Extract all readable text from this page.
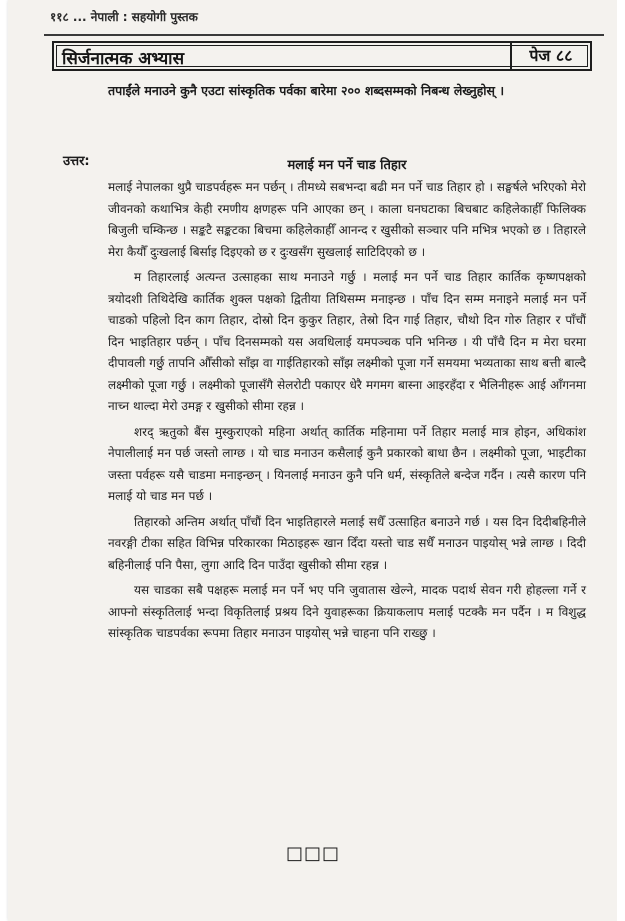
११८ ... नेपाली : सहयोगी पुस्तक
सिर्जनात्मक अभ्यास	पेज ८८
तपाईंले मनाउने कुनै एउटा सांस्कृतिक पर्वका बारेमा २०० शब्दसम्मको निबन्ध लेख्नुहोस् ।
उत्तर:	मलाई मन पर्ने चाड तिहार

मलाई नेपालका थुप्रै चाडपर्वहरू मन पर्छन् । तीमध्ये सबभन्दा बढी मन पर्ने चाड तिहार हो । सङ्घर्षले भरिएको मेरो जीवनको कथाभित्र केही रमणीय क्षणहरू पनि आएका छन् । काला घनघटाका बिचबाट कहिलेकाहीँ फिलिक्क बिजुली चम्किन्छ । सङ्कटै सङ्कटका बिचमा कहिलेकाहीँ आनन्द र खुसीको सञ्चार पनि मभित्र भएको छ । तिहारले मेरा कैयौँ दुःखलाई बिर्साइ दिइएको छ र दुःखसँग सुखलाई साटिदिएको छ ।

म तिहारलाई अत्यन्त उत्साहका साथ मनाउने गर्छु । मलाई मन पर्ने चाड तिहार कार्तिक कृष्णपक्षको त्रयोदशी तिथिदेखि कार्तिक शुक्ल पक्षको द्वितीया तिथिसम्म मनाइन्छ । पाँच दिन सम्म मनाइने मलाई मन पर्ने चाडको पहिलो दिन काग तिहार, दोस्रो दिन कुकुर तिहार, तेस्रो दिन गाई तिहार, चौथो दिन गोरु तिहार र पाँचौं दिन भाइतिहार पर्छन् । पाँच दिनसम्मको यस अवधिलाई यमपञ्चक पनि भनिन्छ । यी पाँचै दिन म मेरा घरमा दीपावली गर्छु तापनि औँसीको साँझ वा गाईतिहारको साँझ लक्ष्मीको पूजा गर्ने समयमा भव्यताका साथ बत्ती बाल्दै लक्ष्मीको पूजा गर्छु । लक्ष्मीको पूजासँगै सेलरोटी पकाएर धेरै मगमग बास्ना आइरहँदा र भैलिनीहरू आई आँगनमा नाच्न थाल्दा मेरो उमङ्ग र खुसीको सीमा रहन्न ।

शरद् ऋतुको बैंस मुस्कुराएको महिना अर्थात् कार्तिक महिनामा पर्ने तिहार मलाई मात्र होइन, अधिकांश नेपालीलाई मन पर्छ जस्तो लाग्छ । यो चाड मनाउन कसैलाई कुनै प्रकारको बाधा छैन । लक्ष्मीको पूजा, भाइटीका जस्ता पर्वहरू यसै चाडमा मनाइन्छन् । यिनलाई मनाउन कुनै पनि धर्म, संस्कृतिले बन्देज गर्दैन । त्यसै कारण पनि मलाई यो चाड मन पर्छ ।

तिहारको अन्तिम अर्थात् पाँचौं दिन भाइतिहारले मलाई सधैँ उत्साहित बनाउने गर्छ । यस दिन दिदीबहिनीले नवरङ्गी टीका सहित विभिन्न परिकारका मिठाइहरू खान दिँदा यस्तो चाड सधैँ मनाउन पाइयोस् भन्ने लाग्छ । दिदी बहिनीलाई पनि पैसा, लुगा आदि दिन पाउँदा खुसीको सीमा रहन्न ।

यस चाडका सबै पक्षहरू मलाई मन पर्ने भए पनि जुवातास खेल्ने, मादक पदार्थ सेवन गरी होहल्ला गर्ने र आफ्नो संस्कृतिलाई भन्दा विकृतिलाई प्रश्रय दिने युवाहरूका क्रियाकलाप मलाई पटक्कै मन पर्दैन । म विशुद्ध सांस्कृतिक चाडपर्वका रूपमा तिहार मनाउन पाइयोस् भन्ने चाहना पनि राख्छु ।

□□□
